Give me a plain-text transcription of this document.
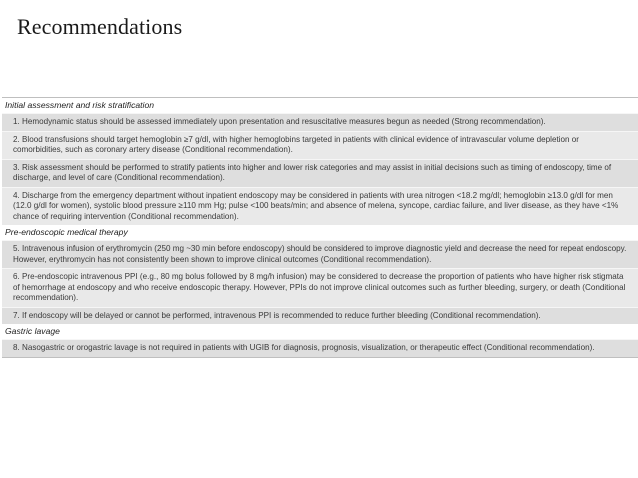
Recommendations
Initial assessment and risk stratification
1. Hemodynamic status should be assessed immediately upon presentation and resuscitative measures begun as needed (Strong recommendation).
2. Blood transfusions should target hemoglobin ≥7 g/dl, with higher hemoglobins targeted in patients with clinical evidence of intravascular volume depletion or comorbidities, such as coronary artery disease (Conditional recommendation).
3. Risk assessment should be performed to stratify patients into higher and lower risk categories and may assist in initial decisions such as timing of endoscopy, time of discharge, and level of care (Conditional recommendation).
4. Discharge from the emergency department without inpatient endoscopy may be considered in patients with urea nitrogen <18.2 mg/dl; hemoglobin ≥13.0 g/dl for men (12.0 g/dl for women), systolic blood pressure ≥110 mm Hg; pulse <100 beats/min; and absence of melena, syncope, cardiac failure, and liver disease, as they have <1% chance of requiring intervention (Conditional recommendation).
Pre-endoscopic medical therapy
5. Intravenous infusion of erythromycin (250 mg ~30 min before endoscopy) should be considered to improve diagnostic yield and decrease the need for repeat endoscopy. However, erythromycin has not consistently been shown to improve clinical outcomes (Conditional recommendation).
6. Pre-endoscopic intravenous PPI (e.g., 80 mg bolus followed by 8 mg/h infusion) may be considered to decrease the proportion of patients who have higher risk stigmata of hemorrhage at endoscopy and who receive endoscopic therapy. However, PPIs do not improve clinical outcomes such as further bleeding, surgery, or death (Conditional recommendation).
7. If endoscopy will be delayed or cannot be performed, intravenous PPI is recommended to reduce further bleeding (Conditional recommendation).
Gastric lavage
8. Nasogastric or orogastric lavage is not required in patients with UGIB for diagnosis, prognosis, visualization, or therapeutic effect (Conditional recommendation).
